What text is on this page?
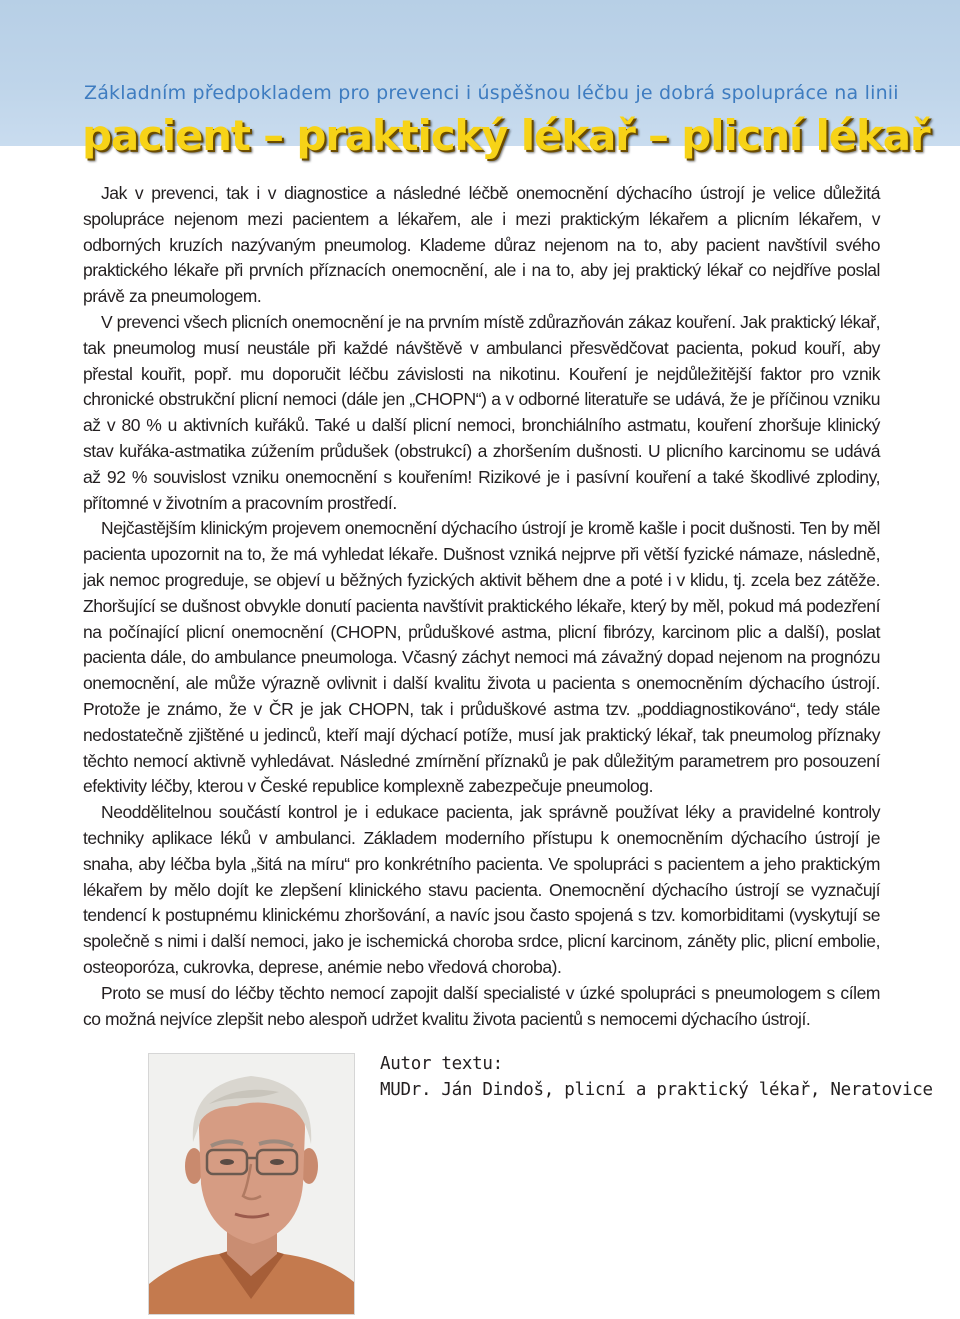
Základním předpokladem pro prevenci i úspěšnou léčbu je dobrá spolupráce na linii
pacient – praktický lékař – plicní lékař

Jak v prevenci, tak i v diagnostice a následné léčbě onemocnění dýchacího ústrojí je velice důležitá spolupráce nejenom mezi pacientem a lékařem, ale i mezi praktickým lékařem a plicním lékařem, v odborných kruzích nazývaným pneumolog. Klademe důraz nejenom na to, aby pacient navštívil svého praktického lékaře při prvních příznacích onemocnění, ale i na to, aby jej praktický lékař co nejdříve poslal právě za pneumologem.

V prevenci všech plicních onemocnění je na prvním místě zdůrazňován zákaz kouření. Jak praktický lékař, tak pneumolog musí neustále při každé návštěvě v ambulanci přesvědčovat pacienta, pokud kouří, aby přestal kouřit, popř. mu doporučit léčbu závislosti na nikotinu. Kouření je nejdůležitější faktor pro vznik chronické obstrukční plicní nemoci (dále jen „CHOPN“) a v odborné literatuře se udává, že je příčinou vzniku až v 80 % u aktivních kuřáků. Také u další plicní nemoci, bronchiálního astmatu, kouření zhoršuje klinický stav kuřáka-astmatika zúžením průdušek (obstrukcí) a zhoršením dušnosti. U plicního karcinomu se udává až 92 % souvislost vzniku onemocnění s kouřením! Rizikové je i pasívní kouření a také škodlivé zplodiny, přítomné v životním a pracovním prostředí.

Nejčastějším klinickým projevem onemocnění dýchacího ústrojí je kromě kašle i pocit dušnosti. Ten by měl pacienta upozornit na to, že má vyhledat lékaře. Dušnost vzniká nejprve při větší fyzické námaze, následně, jak nemoc progreduje, se objeví u běžných fyzických aktivit během dne a poté i v klidu, tj. zcela bez zátěže. Zhoršující se dušnost obvykle donutí pacienta navštívit praktického lékaře, který by měl, pokud má podezření na počínající plicní onemocnění (CHOPN, průduškové astma, plicní fibrózy, karcinom plic a další), poslat pacienta dále, do ambulance pneumologa. Včasný záchyt nemoci má závažný dopad nejenom na prognózu onemocnění, ale může výrazně ovlivnit i další kvalitu života u pacienta s onemocněním dýchacího ústrojí. Protože je známo, že v ČR je jak CHOPN, tak i průduškové astma tzv. „poddiagnostikováno“, tedy stále nedostatečně zjištěné u jedinců, kteří mají dýchací potíže, musí jak praktický lékař, tak pneumolog příznaky těchto nemocí aktivně vyhledávat. Následné zmírnění příznaků je pak důležitým parametrem pro posouzení efektivity léčby, kterou v České republice komplexně zabezpečuje pneumolog.

Neoddělitelnou součástí kontrol je i edukace pacienta, jak správně používat léky a pravidelné kontroly techniky aplikace léků v ambulanci. Základem moderního přístupu k onemocněním dýchacího ústrojí je snaha, aby léčba byla „šitá na míru“ pro konkrétního pacienta. Ve spolupráci s pacientem a jeho praktickým lékařem by mělo dojít ke zlepšení klinického stavu pacienta. Onemocnění dýchacího ústrojí se vyznačují tendencí k postupnému klinickému zhoršování, a navíc jsou často spojená s tzv. komorbiditami (vyskytují se společně s nimi i další nemoci, jako je ischemická choroba srdce, plicní karcinom, záněty plic, plicní embolie, osteoporóza, cukrovka, deprese, anémie nebo vředová choroba).

Proto se musí do léčby těchto nemocí zapojit další specialisté v úzké spolupráci s pneumologem s cílem co možná nejvíce zlepšit nebo alespoň udržet kvalitu života pacientů s nemocemi dýchacího ústrojí.

Autor textu:
MUDr. Ján Dindoš, plicní a praktický lékař, Neratovice
